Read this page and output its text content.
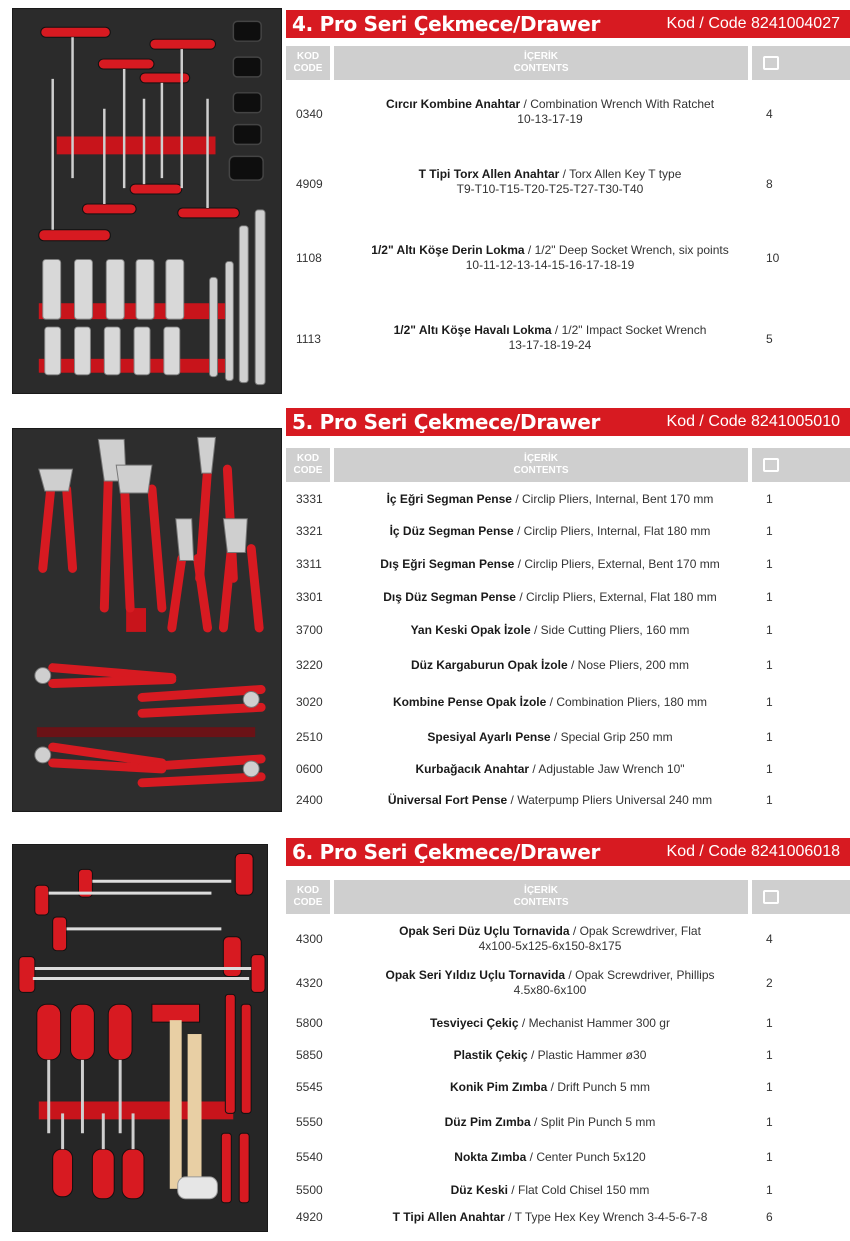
4. Pro Seri Çekmece/Drawer	Kod / Code 8241004027
KOD
CODE
İÇERİK
CONTENTS
0340
Cırcır Kombine Anahtar / Combination Wrench With Ratchet
10-13-17-19	4
4909
T Tipi Torx Allen Anahtar / Torx Allen Key T type
T9-T10-T15-T20-T25-T27-T30-T40	8
1108
1/2" Altı Köşe Derin Lokma / 1/2" Deep Socket Wrench, six points
10-11-12-13-14-15-16-17-18-19	10
1113
1/2" Altı Köşe Havalı Lokma / 1/2" Impact Socket Wrench
13-17-18-19-24	5
5. Pro Seri Çekmece/Drawer	Kod / Code 8241005010
KOD
CODE
İÇERİK
CONTENTS
3331	İç Eğri Segman Pense / Circlip Pliers, Internal, Bent 170 mm	1
3321	İç Düz Segman Pense / Circlip Pliers, Internal, Flat 180 mm	1
3311	Dış Eğri Segman Pense / Circlip Pliers, External, Bent 170 mm	1
3301	Dış Düz Segman Pense / Circlip Pliers, External, Flat 180 mm	1
3700	Yan Keski Opak İzole / Side Cutting Pliers, 160 mm	1
3220	Düz Kargaburun Opak İzole / Nose Pliers, 200 mm	1
3020	Kombine Pense Opak İzole / Combination Pliers, 180 mm	1
2510	Spesiyal Ayarlı Pense / Special Grip 250 mm	1
0600	Kurbağacık Anahtar / Adjustable Jaw Wrench 10"	1
2400	Üniversal Fort Pense / Waterpump Pliers Universal 240 mm	1
6. Pro Seri Çekmece/Drawer	Kod / Code 8241006018
KOD
CODE
İÇERİK
CONTENTS
4300
Opak Seri Düz Uçlu Tornavida / Opak Screwdriver, Flat
4x100-5x125-6x150-8x175	4
4320
Opak Seri Yıldız Uçlu Tornavida / Opak Screwdriver, Phillips
4.5x80-6x100	2
5800	Tesviyeci Çekiç / Mechanist Hammer 300 gr	1
5850	Plastik Çekiç / Plastic Hammer ø30	1
5545	Konik Pim Zımba / Drift Punch 5 mm	1
5550	Düz Pim Zımba / Split Pin Punch 5 mm	1
5540	Nokta Zımba / Center Punch 5x120	1
5500	Düz Keski / Flat Cold Chisel 150 mm	1
4920	T Tipi Allen Anahtar / T Type Hex Key Wrench 3-4-5-6-7-8	6
